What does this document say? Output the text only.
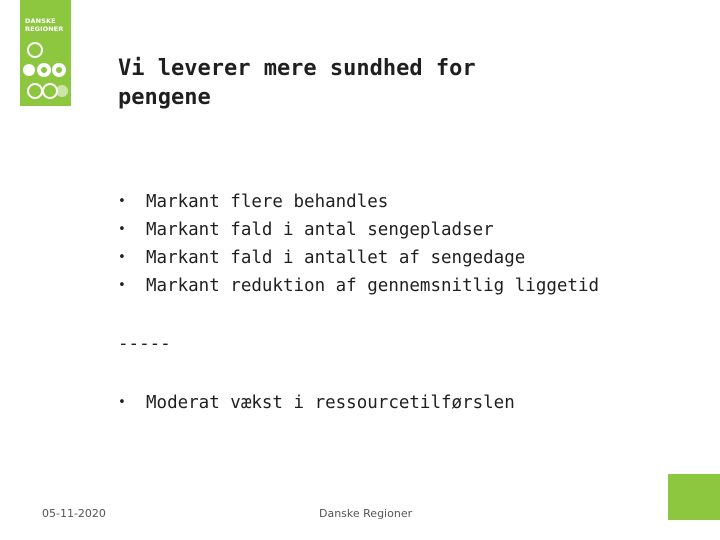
DANSKE
REGIONER
Vi leverer mere sundhed for
pengene
• Markant flere behandles
• Markant fald i antal sengepladser
• Markant fald i antallet af sengedage
• Markant reduktion af gennemsnitlig liggetid
-----
• Moderat vækst i ressourcetilførslen
05-11-2020	Danske Regioner
